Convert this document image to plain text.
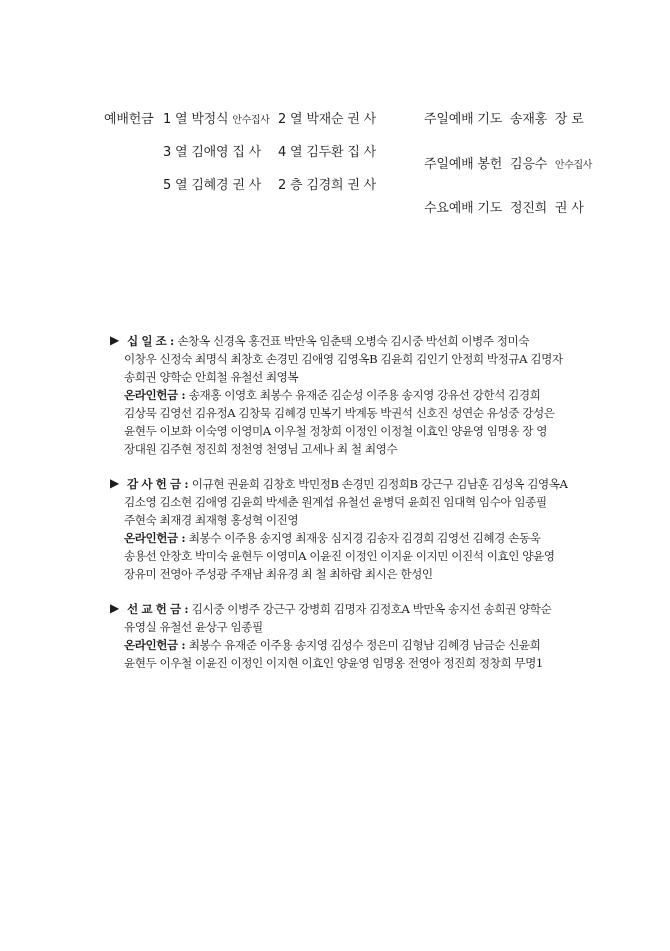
예배헌금 1 열 박정식 안수집사 2 열 박재순 권 사
3 열 김애영 집 사 4 열 김두환 집 사
5 열 김혜경 권 사 2 층 김경희 권 사
주일예배 기도 송재홍 장 로
주일예배 봉헌 김응수 안수집사
수요예배 기도 정진희 권 사
▶ 십 일 조 : 손창옥 신경옥 홍건표 박만옥 임춘택 오병숙 김시중 박선희 이병주 정미숙
이창우 신정숙 최명식 최창호 손경민 김애영 김영옥B 김윤희 김인기 안정희 박정규A 김명자
송희권 양학순 안희철 유철선 최영복
온라인헌금 : 송재홍 이영호 최봉수 유재준 김순성 이주용 송지영 강유선 강한석 김경희
김상묵 김영선 김유정A 김창묵 김혜경 민복기 박계동 박권석 신호진 성연순 유성중 강성은
윤현두 이보화 이숙영 이영미A 이우철 정창희 이정인 이정철 이효인 양윤영 임명옹 장 영
장대원 김주현 정진희 정천영 천영님 고세나 최 철 최영수
▶ 감 사 헌 금 : 이규현 권윤희 김창호 박민정B 손경민 김정희B 강근구 김남훈 김성옥 김영옥A
김소영 김소현 김애영 김윤희 박세춘 원계섭 유철선 윤병덕 윤희진 임대혁 임수아 임종필
주현숙 최재경 최재형 홍성혁 이진영
온라인헌금 : 최봉수 이주용 송지영 최재웅 심지경 김송자 김경희 김영선 김혜경 손동욱
송용선 안창호 박미숙 윤현두 이영미A 이윤진 이정인 이지윤 이지민 이진석 이효인 양윤영
장유미 전영아 주성광 주재남 최유경 최 철 최하람 최시은 한성인
▶ 선 교 헌 금 : 김시중 이병주 강근구 강병희 김명자 김정호A 박만옥 송지선 송희권 양학순
유영실 유철선 윤상구 임종필
온라인헌금 : 최봉수 유재준 이주용 송지영 김성수 정은미 김형남 김혜경 남금순 신윤희
윤현두 이우철 이윤진 이정인 이지현 이효인 양윤영 임명옹 전영아 정진희 정창희 무명1
